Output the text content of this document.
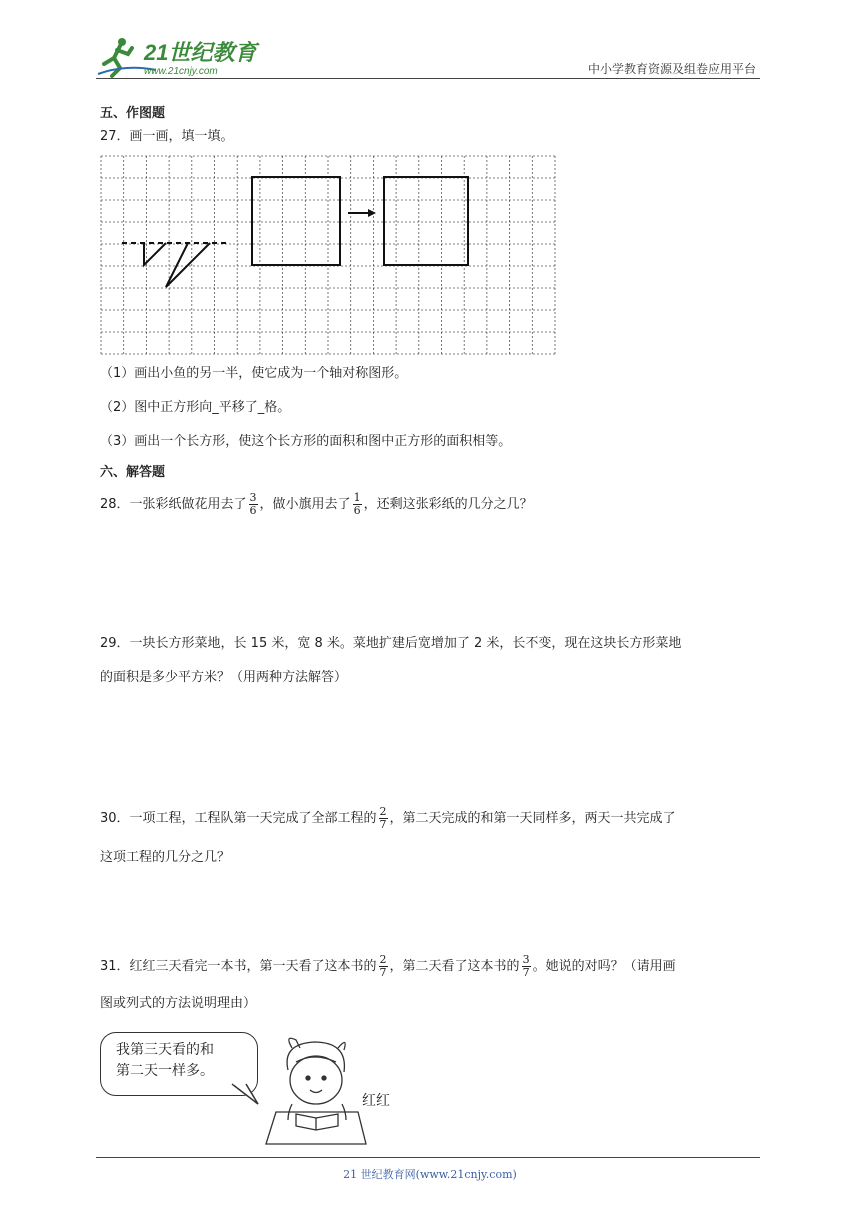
21世纪教育
www.21cnjy.com	中小学教育资源及组卷应用平台
五、作图题
27．画一画，填一填。
（1）画出小鱼的另一半，使它成为一个轴对称图形。
（2）图中正方形向_平移了_格。
（3）画出一个长方形，使这个长方形的面积和图中正方形的面积相等。
六、解答题
28．一张彩纸做花用去了 $\frac{3}{6}$ ，做小旗用去了 $\frac{1}{6}$ ，还剩这张彩纸的几分之几？
29．一块长方形菜地，长 15 米，宽 8 米。菜地扩建后宽增加了 2 米，长不变，现在这块长方形菜地
的面积是多少平方米？（用两种方法解答）
30．一项工程，工程队第一天完成了全部工程的 $\frac{2}{7}$ ，第二天完成的和第一天同样多，两天一共完成了
这项工程的几分之几？
31．红红三天看完一本书，第一天看了这本书的 $\frac{2}{7}$ ，第二天看了这本书的 $\frac{3}{7}$ 。她说的对吗？（请用画
图或列式的方法说明理由）
我第三天看的和
第二天一样多。
红红
21 世纪教育网(www.21cnjy.com)
